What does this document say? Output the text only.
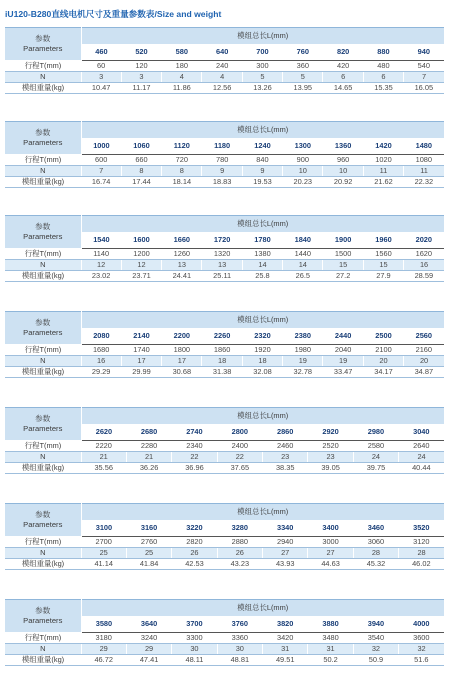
iU120-B280直线电机尺寸及重量参数表/Size and weight
参数
Parameters	模组总长L(mm)								
	460	520	580	640	700	760	820	880	940
行程T(mm)	60	120	180	240	300	360	420	480	540
N	3	3	4	4	5	5	6	6	7
模组重量(kg)	10.47	11.17	11.86	12.56	13.26	13.95	14.65	15.35	16.05
参数
Parameters	模组总长L(mm)								
	1000	1060	1120	1180	1240	1300	1360	1420	1480
行程T(mm)	600	660	720	780	840	900	960	1020	1080
N	7	8	8	9	9	10	10	11	11
模组重量(kg)	16.74	17.44	18.14	18.83	19.53	20.23	20.92	21.62	22.32
参数
Parameters	模组总长L(mm)								
	1540	1600	1660	1720	1780	1840	1900	1960	2020
行程T(mm)	1140	1200	1260	1320	1380	1440	1500	1560	1620
N	12	12	13	13	14	14	15	15	16
模组重量(kg)	23.02	23.71	24.41	25.11	25.8	26.5	27.2	27.9	28.59
参数
Parameters	模组总长L(mm)								
	2080	2140	2200	2260	2320	2380	2440	2500	2560
行程T(mm)	1680	1740	1800	1860	1920	1980	2040	2100	2160
N	16	17	17	18	18	19	19	20	20
模组重量(kg)	29.29	29.99	30.68	31.38	32.08	32.78	33.47	34.17	34.87
参数
Parameters	模组总长L(mm)							
	2620	2680	2740	2800	2860	2920	2980	3040
行程T(mm)	2220	2280	2340	2400	2460	2520	2580	2640
N	21	21	22	22	23	23	24	24
模组重量(kg)	35.56	36.26	36.96	37.65	38.35	39.05	39.75	40.44
参数
Parameters	模组总长L(mm)							
	3100	3160	3220	3280	3340	3400	3460	3520
行程T(mm)	2700	2760	2820	2880	2940	3000	3060	3120
N	25	25	26	26	27	27	28	28
模组重量(kg)	41.14	41.84	42.53	43.23	43.93	44.63	45.32	46.02
参数
Parameters	模组总长L(mm)							
	3580	3640	3700	3760	3820	3880	3940	4000
行程T(mm)	3180	3240	3300	3360	3420	3480	3540	3600
N	29	29	30	30	31	31	32	32
模组重量(kg)	46.72	47.41	48.11	48.81	49.51	50.2	50.9	51.6
